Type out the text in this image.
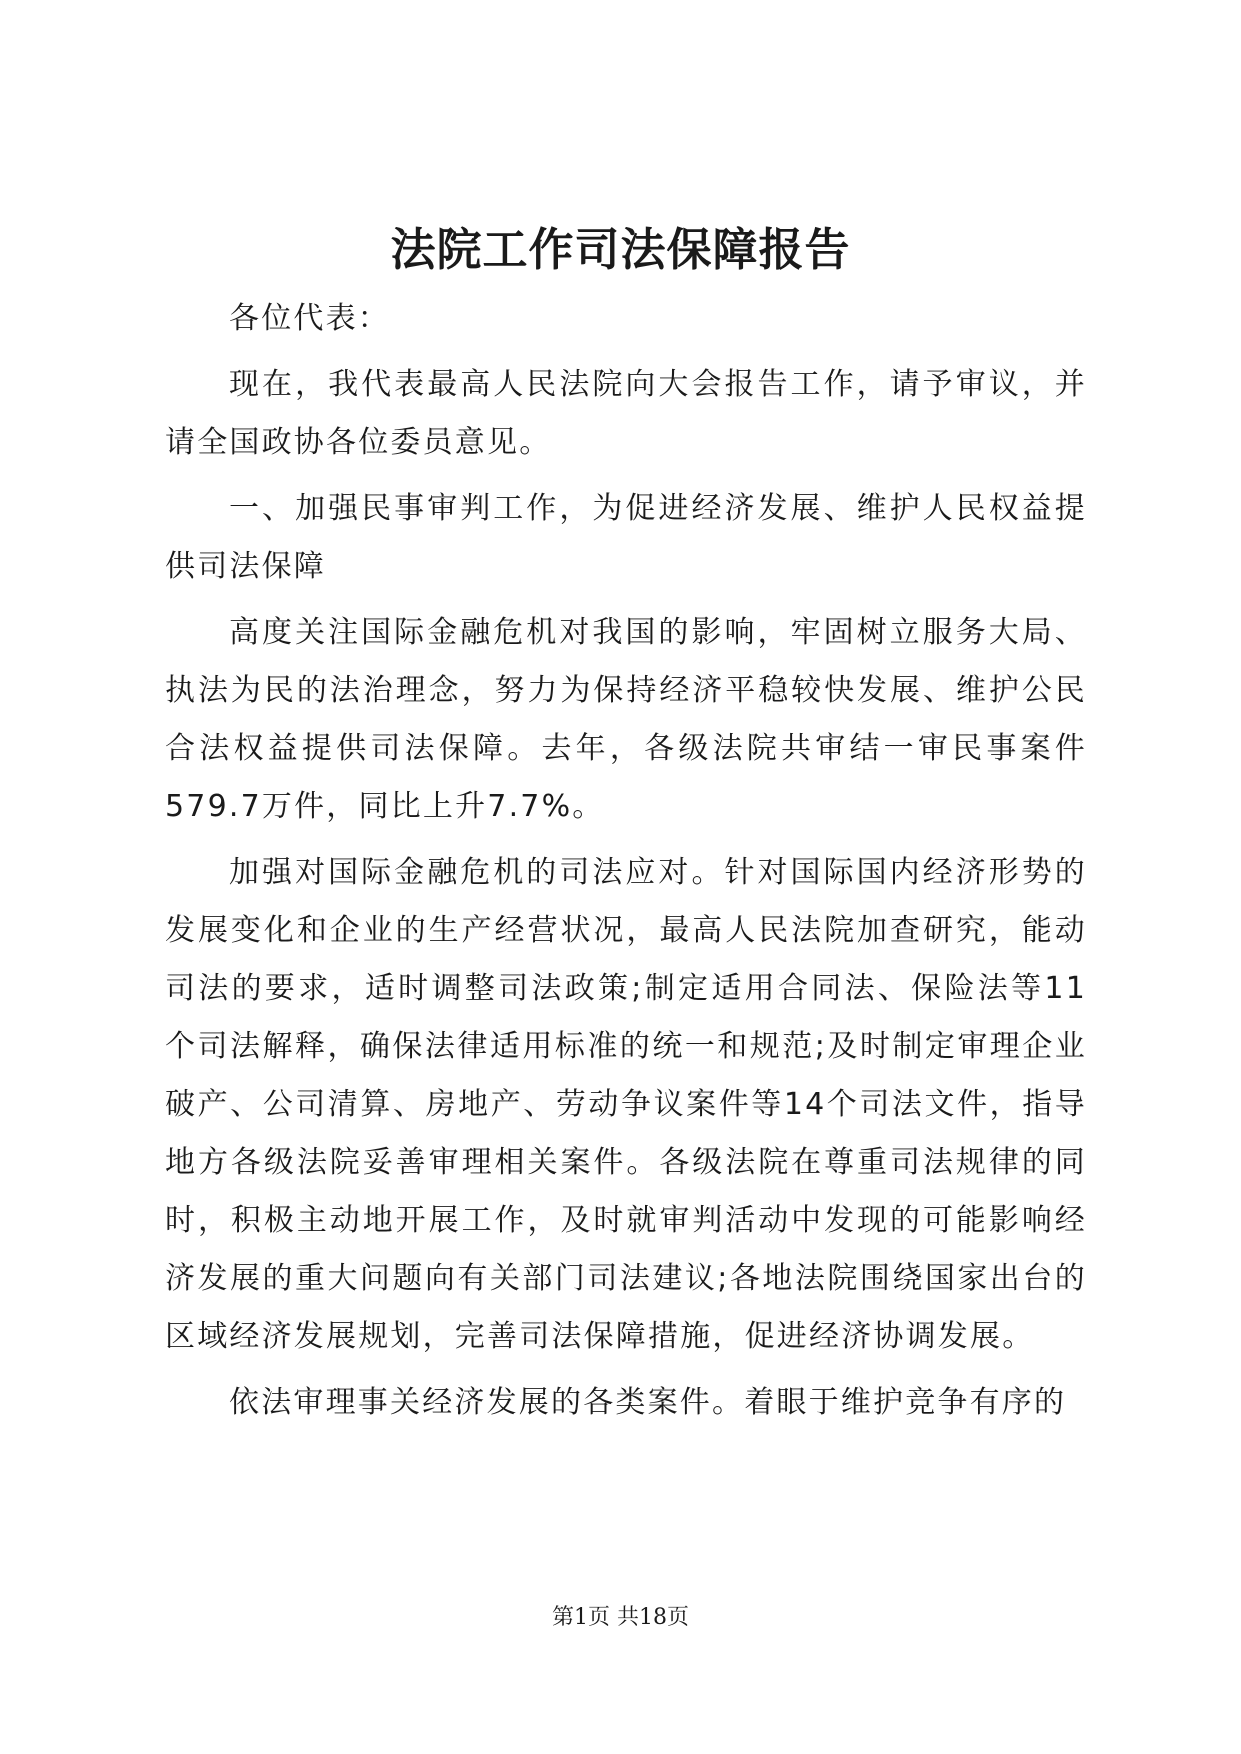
法院工作司法保障报告

各位代表：

现在，我代表最高人民法院向大会报告工作，请予审议，并请全国政协各位委员意见。

一、加强民事审判工作，为促进经济发展、维护人民权益提供司法保障

高度关注国际金融危机对我国的影响，牢固树立服务大局、执法为民的法治理念，努力为保持经济平稳较快发展、维护公民合法权益提供司法保障。去年，各级法院共审结一审民事案件579.7万件，同比上升7.7%。

加强对国际金融危机的司法应对。针对国际国内经济形势的发展变化和企业的生产经营状况，最高人民法院加查研究，能动司法的要求，适时调整司法政策;制定适用合同法、保险法等11个司法解释，确保法律适用标准的统一和规范;及时制定审理企业破产、公司清算、房地产、劳动争议案件等14个司法文件，指导地方各级法院妥善审理相关案件。各级法院在尊重司法规律的同时，积极主动地开展工作，及时就审判活动中发现的可能影响经济发展的重大问题向有关部门司法建议;各地法院围绕国家出台的区域经济发展规划，完善司法保障措施，促进经济协调发展。

依法审理事关经济发展的各类案件。着眼于维护竞争有序的

第1页 共18页
